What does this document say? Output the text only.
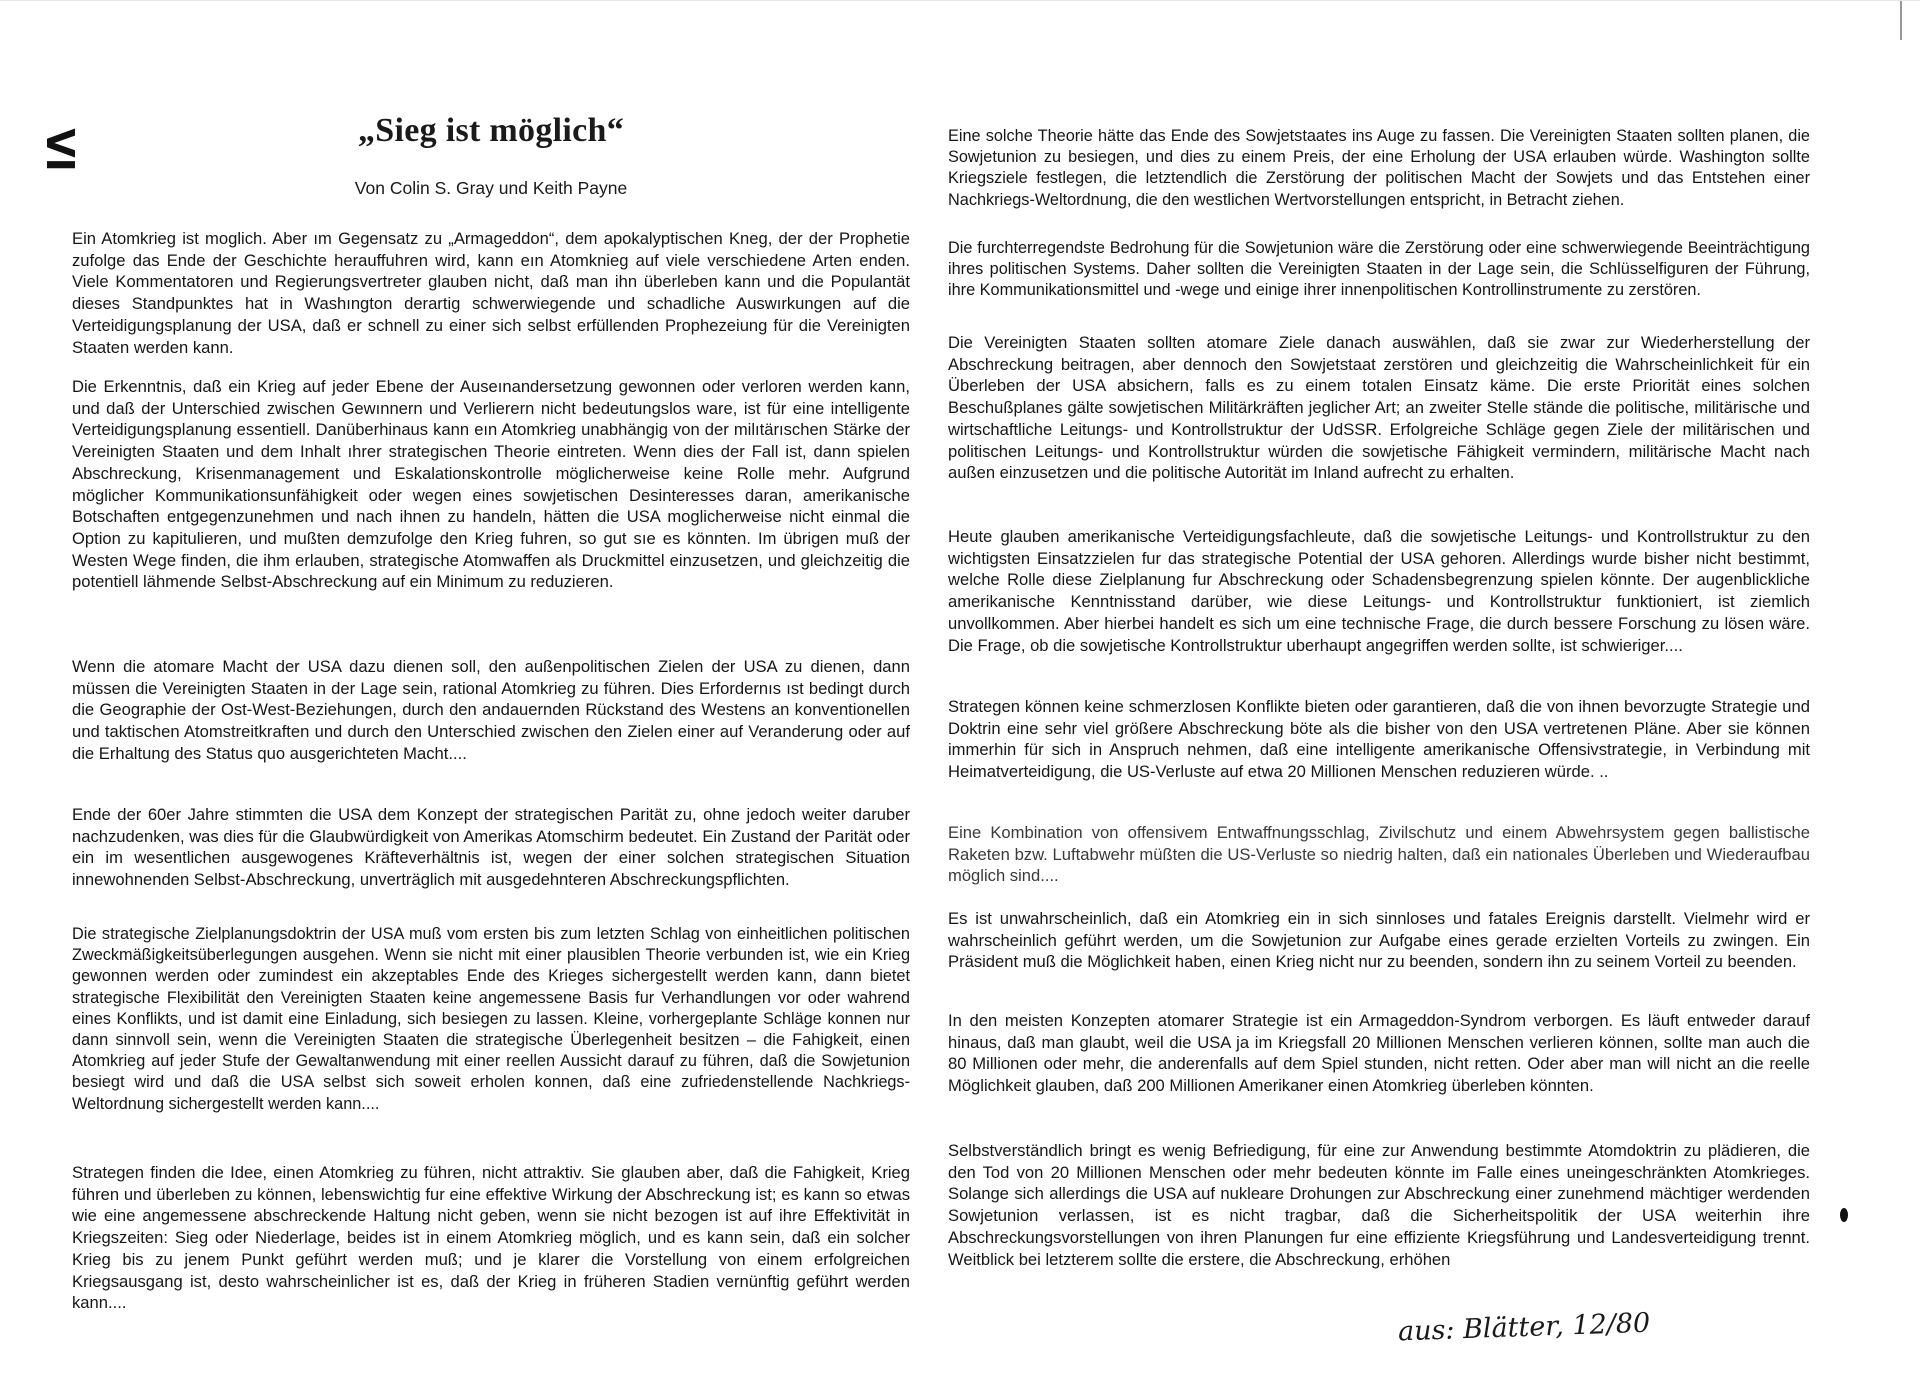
VI	„Sieg ist möglich“

Von Colin S. Gray und Keith Payne

Ein Atomkrieg ist moglich. Aber ım Gegensatz zu „Armageddon“, dem apokalyptischen Kneg, der der Prophetie zufolge das Ende der Geschichte herauffuhren wird, kann eın Atomknieg auf viele verschiedene Arten enden. Viele Kommentatoren und Regierungsvertreter glauben nicht, daß man ihn überleben kann und die Populantät dieses Standpunktes hat in Washıngton derartig schwerwiegende und schadliche Auswırkungen auf die Verteidigungsplanung der USA, daß er schnell zu einer sich selbst erfüllenden Prophezeiung für die Vereinigten Staaten werden kann.

Die Erkenntnis, daß ein Krieg auf jeder Ebene der Auseınandersetzung gewonnen oder verloren werden kann, und daß der Unterschied zwischen Gewınnern und Verlierern nicht bedeutungslos ware, ist für eine intelligente Verteidigungsplanung essentiell. Danüberhinaus kann eın Atomkrieg unabhängig von der milıtärıschen Stärke der Vereinigten Staaten und dem Inhalt ıhrer strategischen Theorie eintreten. Wenn dies der Fall ist, dann spielen Abschreckung, Krisenmanagement und Eskalationskontrolle möglicherweise keine Rolle mehr. Aufgrund möglicher Kommunikationsunfähigkeit oder wegen eines sowjetischen Desinteresses daran, amerikanische Botschaften entgegenzunehmen und nach ihnen zu handeln, hätten die USA moglicherweise nicht einmal die Option zu kapitulieren, und mußten demzufolge den Krieg fuhren, so gut sıe es könnten. Im übrigen muß der Westen Wege finden, die ihm erlauben, strategische Atomwaffen als Druckmittel einzusetzen, und gleichzeitig die potentiell lähmende Selbst-Abschreckung auf ein Minimum zu reduzieren.

Wenn die atomare Macht der USA dazu dienen soll, den außenpolitischen Zielen der USA zu dienen, dann müssen die Vereinigten Staaten in der Lage sein, rational Atomkrieg zu führen. Dies Erfordernıs ıst bedingt durch die Geographie der Ost-West-Beziehungen, durch den andauernden Rückstand des Westens an konventionellen und taktischen Atomstreitkraften und durch den Unterschied zwischen den Zielen einer auf Veranderung oder auf die Erhaltung des Status quo ausgerichteten Macht....

Ende der 60er Jahre stimmten die USA dem Konzept der strategischen Parität zu, ohne jedoch weiter daruber nachzudenken, was dies für die Glaubwürdigkeit von Amerikas Atomschirm bedeutet. Ein Zustand der Parität oder ein im wesentlichen ausgewogenes Kräfteverhältnis ist, wegen der einer solchen strategischen Situation innewohnenden Selbst-Abschreckung, unverträglich mit ausgedehnteren Abschreckungspflichten.

Die strategische Zielplanungsdoktrin der USA muß vom ersten bis zum letzten Schlag von einheitlichen politischen Zweckmäßigkeitsüberlegungen ausgehen. Wenn sie nicht mit einer plausiblen Theorie verbunden ist, wie ein Krieg gewonnen werden oder zumindest ein akzeptables Ende des Krieges sichergestellt werden kann, dann bietet strategische Flexibilität den Vereinigten Staaten keine angemessene Basis fur Verhandlungen vor oder wahrend eines Konflikts, und ist damit eine Einladung, sich besiegen zu lassen. Kleine, vorhergeplante Schläge konnen nur dann sinnvoll sein, wenn die Vereinigten Staaten die strategische Überlegenheit besitzen – die Fahigkeit, einen Atomkrieg auf jeder Stufe der Gewaltanwendung mit einer reellen Aussicht darauf zu führen, daß die Sowjetunion besiegt wird und daß die USA selbst sich soweit erholen konnen, daß eine zufriedenstellende Nachkriegs-Weltordnung sichergestellt werden kann....

Strategen finden die Idee, einen Atomkrieg zu führen, nicht attraktiv. Sie glauben aber, daß die Fahigkeit, Krieg führen und überleben zu können, lebenswichtig fur eine effektive Wirkung der Abschreckung ist; es kann so etwas wie eine angemessene abschreckende Haltung nicht geben, wenn sie nicht bezogen ist auf ihre Effektivität in Kriegszeiten: Sieg oder Niederlage, beides ist in einem Atomkrieg möglich, und es kann sein, daß ein solcher Krieg bis zu jenem Punkt geführt werden muß; und je klarer die Vorstellung von einem erfolgreichen Kriegsausgang ist, desto wahrscheinlicher ist es, daß der Krieg in früheren Stadien vernünftig geführt werden kann....

Eine solche Theorie hätte das Ende des Sowjetstaates ins Auge zu fassen. Die Vereinigten Staaten sollten planen, die Sowjetunion zu besiegen, und dies zu einem Preis, der eine Erholung der USA erlauben würde. Washington sollte Kriegsziele festlegen, die letztendlich die Zerstörung der politischen Macht der Sowjets und das Entstehen einer Nachkriegs-Weltordnung, die den westlichen Wertvorstellungen entspricht, in Betracht ziehen.

Die furchterregendste Bedrohung für die Sowjetunion wäre die Zerstörung oder eine schwerwiegende Beeinträchtigung ihres politischen Systems. Daher sollten die Vereinigten Staaten in der Lage sein, die Schlüsselfiguren der Führung, ihre Kommunikationsmittel und -wege und einige ihrer innenpolitischen Kontrollinstrumente zu zerstören.

Die Vereinigten Staaten sollten atomare Ziele danach auswählen, daß sie zwar zur Wiederherstellung der Abschreckung beitragen, aber dennoch den Sowjetstaat zerstören und gleichzeitig die Wahrscheinlichkeit für ein Überleben der USA absichern, falls es zu einem totalen Einsatz käme. Die erste Priorität eines solchen Beschußplanes gälte sowjetischen Militärkräften jeglicher Art; an zweiter Stelle stände die politische, militärische und wirtschaftliche Leitungs- und Kontrollstruktur der UdSSR. Erfolgreiche Schläge gegen Ziele der militärischen und politischen Leitungs- und Kontrollstruktur würden die sowjetische Fähigkeit vermindern, militärische Macht nach außen einzusetzen und die politische Autorität im Inland aufrecht zu erhalten.

Heute glauben amerikanische Verteidigungsfachleute, daß die sowjetische Leitungs- und Kontrollstruktur zu den wichtigsten Einsatzzielen fur das strategische Potential der USA gehoren. Allerdings wurde bisher nicht bestimmt, welche Rolle diese Zielplanung fur Abschreckung oder Schadensbegrenzung spielen könnte. Der augenblickliche amerikanische Kenntnisstand darüber, wie diese Leitungs- und Kontrollstruktur funktioniert, ist ziemlich unvollkommen. Aber hierbei handelt es sich um eine technische Frage, die durch bessere Forschung zu lösen wäre. Die Frage, ob die sowjetische Kontrollstruktur uberhaupt angegriffen werden sollte, ist schwieriger....

Strategen können keine schmerzlosen Konflikte bieten oder garantieren, daß die von ihnen bevorzugte Strategie und Doktrin eine sehr viel größere Abschreckung böte als die bisher von den USA vertretenen Pläne. Aber sie können immerhin für sich in Anspruch nehmen, daß eine intelligente amerikanische Offensivstrategie, in Verbindung mit Heimatverteidigung, die US-Verluste auf etwa 20 Millionen Menschen reduzieren würde. ..

Eine Kombination von offensivem Entwaffnungsschlag, Zivilschutz und einem Abwehrsystem gegen ballistische Raketen bzw. Luftabwehr müßten die US-Verluste so niedrig halten, daß ein nationales Überleben und Wiederaufbau möglich sind....

Es ist unwahrscheinlich, daß ein Atomkrieg ein in sich sinnloses und fatales Ereignis darstellt. Vielmehr wird er wahrscheinlich geführt werden, um die Sowjetunion zur Aufgabe eines gerade erzielten Vorteils zu zwingen. Ein Präsident muß die Möglichkeit haben, einen Krieg nicht nur zu beenden, sondern ihn zu seinem Vorteil zu beenden.

In den meisten Konzepten atomarer Strategie ist ein Armageddon-Syndrom verborgen. Es läuft entweder darauf hinaus, daß man glaubt, weil die USA ja im Kriegsfall 20 Millionen Menschen verlieren können, sollte man auch die 80 Millionen oder mehr, die anderenfalls auf dem Spiel stunden, nicht retten. Oder aber man will nicht an die reelle Möglichkeit glauben, daß 200 Millionen Amerikaner einen Atomkrieg überleben könnten.

Selbstverständlich bringt es wenig Befriedigung, für eine zur Anwendung bestimmte Atomdoktrin zu plädieren, die den Tod von 20 Millionen Menschen oder mehr bedeuten könnte im Falle eines uneingeschränkten Atomkrieges. Solange sich allerdings die USA auf nukleare Drohungen zur Abschreckung einer zunehmend mächtiger werdenden Sowjetunion verlassen, ist es nicht tragbar, daß die Sicherheitspolitik der USA weiterhin ihre Abschreckungsvorstellungen von ihren Planungen fur eine effiziente Kriegsführung und Landesverteidigung trennt. Weitblick bei letzterem sollte die erstere, die Abschreckung, erhöhen

aus: Blätter, 12/80
